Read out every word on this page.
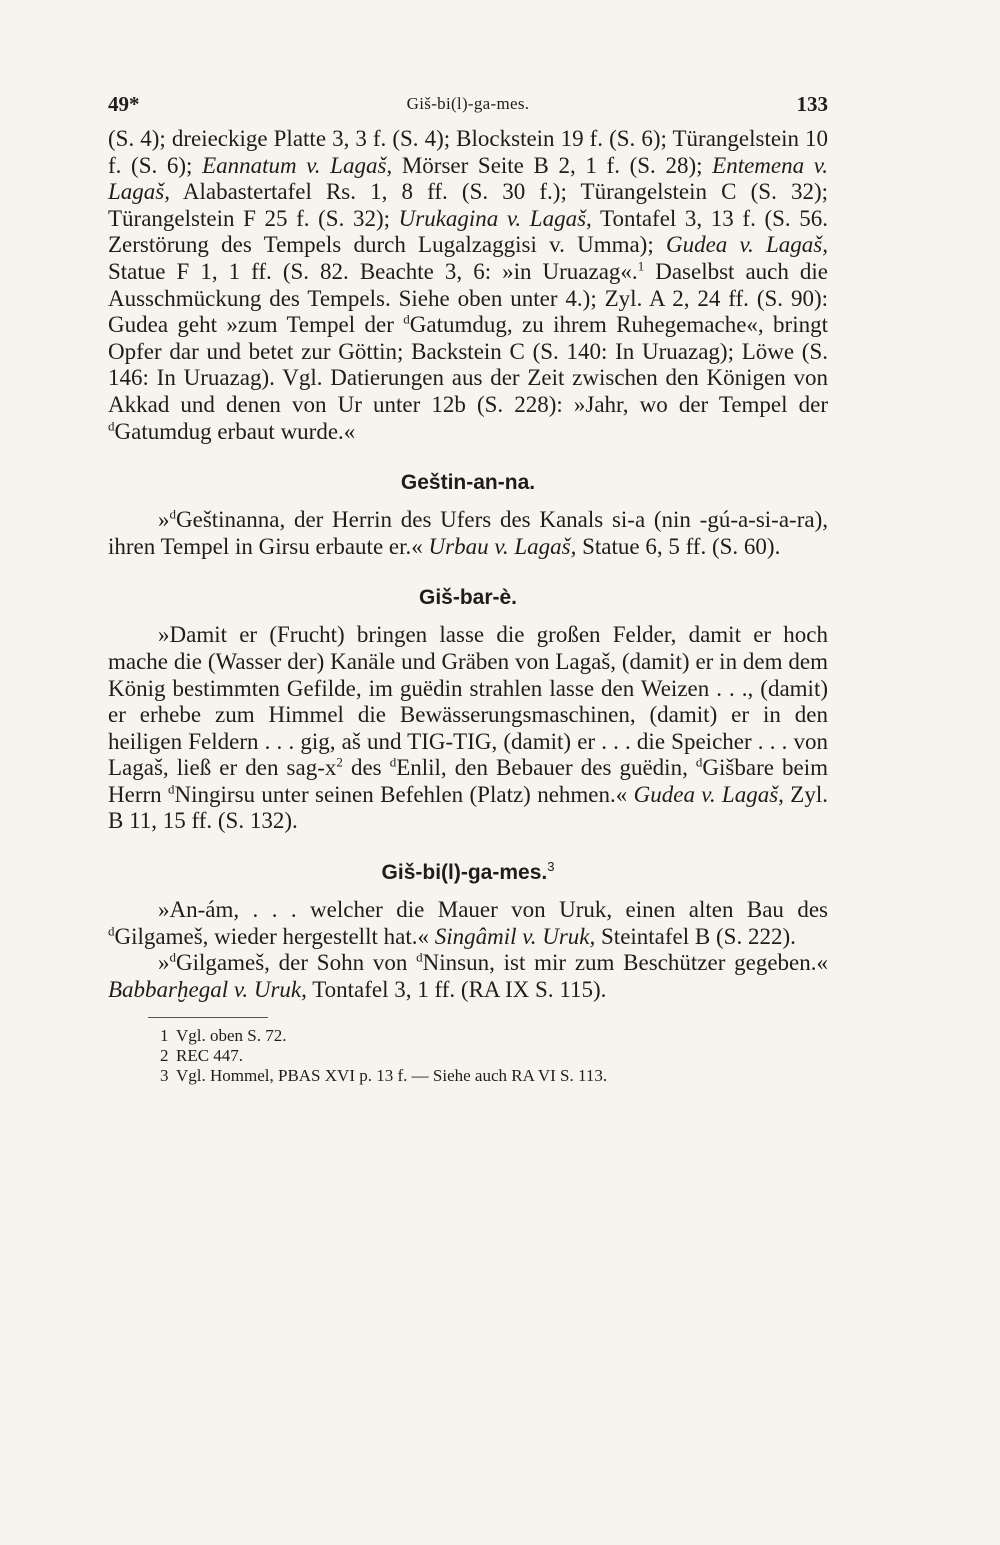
49*	Giš-bi(l)-ga-mes.	133

(S. 4); dreieckige Platte 3, 3 f. (S. 4); Blockstein 19 f. (S. 6); Türangelstein 10 f. (S. 6); Eannatum v. Lagaš, Mörser Seite B 2, 1 f. (S. 28); Entemena v. Lagaš, Alabastertafel Rs. 1, 8 ff. (S. 30 f.); Türangelstein C (S. 32); Türangelstein F 25 f. (S. 32); Urukagina v. Lagaš, Tontafel 3, 13 f. (S. 56. Zerstörung des Tempels durch Lugalzaggisi v. Umma); Gudea v. Lagaš, Statue F 1, 1 ff. (S. 82. Beachte 3, 6: »in Uruazag«.$^1$ Daselbst auch die Ausschmückung des Tempels. Siehe oben unter 4.); Zyl. A 2, 24 ff. (S. 90): Gudea geht »zum Tempel der $^d$Gatumdug, zu ihrem Ruhegemache«, bringt Opfer dar und betet zur Göttin; Backstein C (S. 140: In Uruazag); Löwe (S. 146: In Uruazag). Vgl. Datierungen aus der Zeit zwischen den Königen von Akkad und denen von Ur unter 12b (S. 228): »Jahr, wo der Tempel der $^d$Gatumdug erbaut wurde.«

Geštin-an-na.

»$^d$Geštinanna, der Herrin des Ufers des Kanals si-a (nin -gú-a-si-a-ra), ihren Tempel in Girsu erbaute er.« Urbau v. Lagaš, Statue 6, 5 ff. (S. 60).

Giš-bar-è.

»Damit er (Frucht) bringen lasse die großen Felder, damit er hoch mache die (Wasser der) Kanäle und Gräben von Lagaš, (damit) er in dem dem König bestimmten Gefilde, im guëdin strahlen lasse den Weizen . . ., (damit) er erhebe zum Himmel die Bewässerungsmaschinen, (damit) er in den heiligen Feldern . . . gig, aš und TIG-TIG, (damit) er . . . die Speicher . . . von Lagaš, ließ er den sag-$x^2$ des $^d$Enlil, den Bebauer des guëdin, $^d$Gišbare beim Herrn $^d$Ningirsu unter seinen Befehlen (Platz) nehmen.« Gudea v. Lagaš, Zyl. B 11, 15 ff. (S. 132).

Giš-bi(l)-ga-mes.$^3$

»An-ám, . . . welcher die Mauer von Uruk, einen alten Bau des $^d$Gilgameš, wieder hergestellt hat.« Singâmil v. Uruk, Steintafel B (S. 222).

»$^d$Gilgameš, der Sohn von $^d$Ninsun, ist mir zum Beschützer gegeben.« Babbarḫegal v. Uruk, Tontafel 3, 1 ff. (RA IX S. 115).

1 Vgl. oben S. 72.

2 REC 447.

3 Vgl. Hommel, PBAS XVI p. 13 f. — Siehe auch RA VI S. 113.
